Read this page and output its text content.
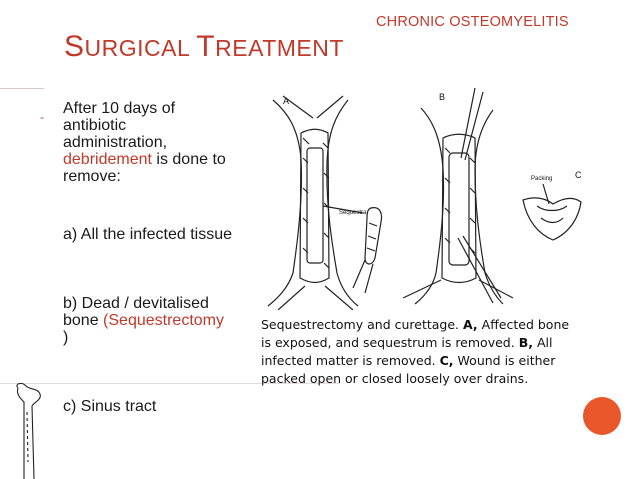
CHRONIC OSTEOMYELITIS
SURGICAL TREATMENT
- After 10 days of antibiotic administration, debridement is done to remove:

a) All the infected tissue
b) Dead / devitalised bone (Sequestrectomy
)
c) Sinus tract
A	B
C
Sequestra
Packing
Sequestrectomy and curettage. A, Affected bone is exposed, and sequestrum is removed. B, All infected matter is removed. C, Wound is either packed open or closed loosely over drains.
